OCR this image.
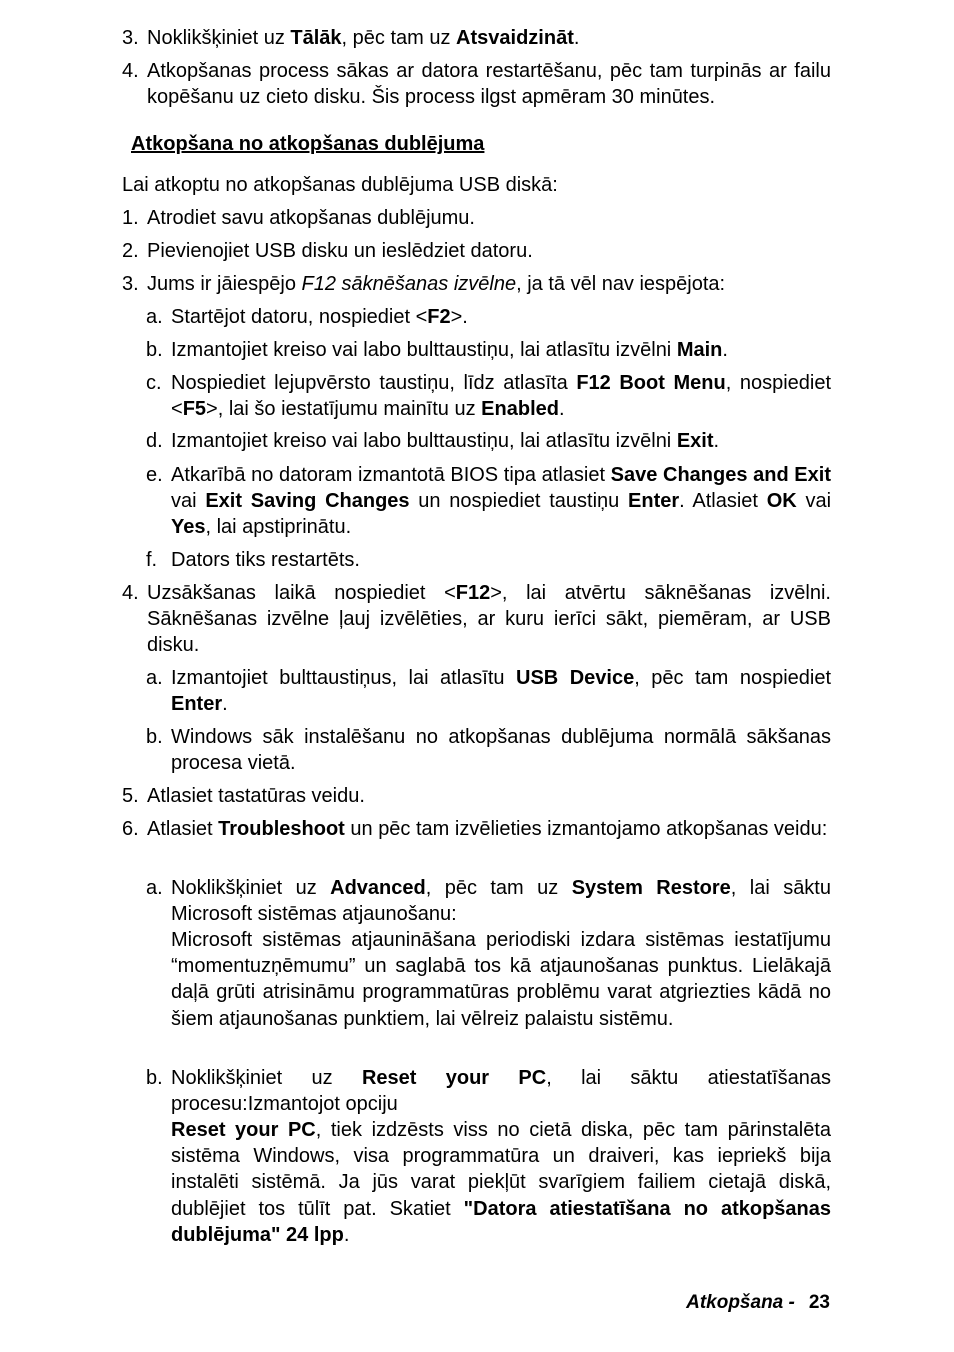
3. Noklikšķiniet uz Tālāk, pēc tam uz Atsvaidzināt.

4. Atkopšanas process sākas ar datora restartēšanu, pēc tam turpinās ar failu kopēšanu uz cieto disku. Šis process ilgst apmēram 30 minūtes.

Atkopšana no atkopšanas dublējuma

Lai atkoptu no atkopšanas dublējuma USB diskā:

1. Atrodiet savu atkopšanas dublējumu.

2. Pievienojiet USB disku un ieslēdziet datoru.

3. Jums ir jāiespējo F12 sāknēšanas izvēlne, ja tā vēl nav iespējota:

a. Startējot datoru, nospiediet <F2>.

b. Izmantojiet kreiso vai labo bulttaustiņu, lai atlasītu izvēlni Main.

c. Nospiediet lejupvērsto taustiņu, līdz atlasīta F12 Boot Menu, nospiediet <F5>, lai šo iestatījumu mainītu uz Enabled.

d. Izmantojiet kreiso vai labo bulttaustiņu, lai atlasītu izvēlni Exit.

e. Atkarībā no datoram izmantotā BIOS tipa atlasiet Save Changes and Exit vai Exit Saving Changes un nospiediet taustiņu Enter. Atlasiet OK vai Yes, lai apstiprinātu.

f. Dators tiks restartēts.

4. Uzsākšanas laikā nospiediet <F12>, lai atvērtu sāknēšanas izvēlni. Sāknēšanas izvēlne ļauj izvēlēties, ar kuru ierīci sākt, piemēram, ar USB disku.

a. Izmantojiet bulttaustiņus, lai atlasītu USB Device, pēc tam nospiediet Enter.

b. Windows sāk instalēšanu no atkopšanas dublējuma normālā sākšanas procesa vietā.

5. Atlasiet tastatūras veidu.

6. Atlasiet Troubleshoot un pēc tam izvēlieties izmantojamo atkopšanas veidu:

a. Noklikšķiniet uz Advanced, pēc tam uz System Restore, lai sāktu Microsoft sistēmas atjaunošanu:

Microsoft sistēmas atjaunināšana periodiski izdara sistēmas iestatījumu “momentuzņēmumu” un saglabā tos kā atjaunošanas punktus. Lielākajā daļā grūti atrisināmu programmatūras problēmu varat atgriezties kādā no šiem atjaunošanas punktiem, lai vēlreiz palaistu sistēmu.

b. Noklikšķiniet uz Reset your PC, lai sāktu atiestatīšanas procesu:Izmantojot opciju

Reset your PC, tiek izdzēsts viss no cietā diska, pēc tam pārinstalēta sistēma Windows, visa programmatūra un draiveri, kas iepriekš bija instalēti sistēmā. Ja jūs varat piekļūt svarīgiem failiem cietajā diskā, dublējiet tos tūlīt pat. Skatiet "Datora atiestatīšana no atkopšanas dublējuma" 24 lpp.

Atkopšana - 23
